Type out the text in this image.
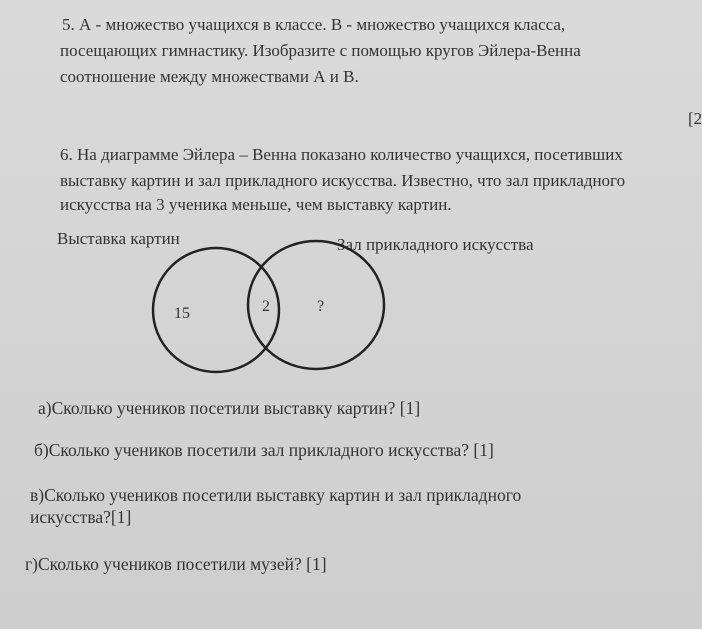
5. А - множество учащихся в классе. В - множество учащихся класса,
посещающих гимнастику. Изобразите с помощью кругов Эйлера-Венна
соотношение между множествами А и В.
[2
6. На диаграмме Эйлера – Венна показано количество учащихся, посетивших
выставку картин и зал прикладного искусства. Известно, что зал прикладного
искусства на 3 ученика меньше, чем выставку картин.
Выставка картин	Зал прикладного искусства
15	2	?
а)Сколько учеников посетили выставку картин? [1]
б)Сколько учеников посетили зал прикладного искусства? [1]
в)Сколько учеников посетили выставку картин и зал прикладного
искусства?[1]
г)Сколько учеников посетили музей? [1]
